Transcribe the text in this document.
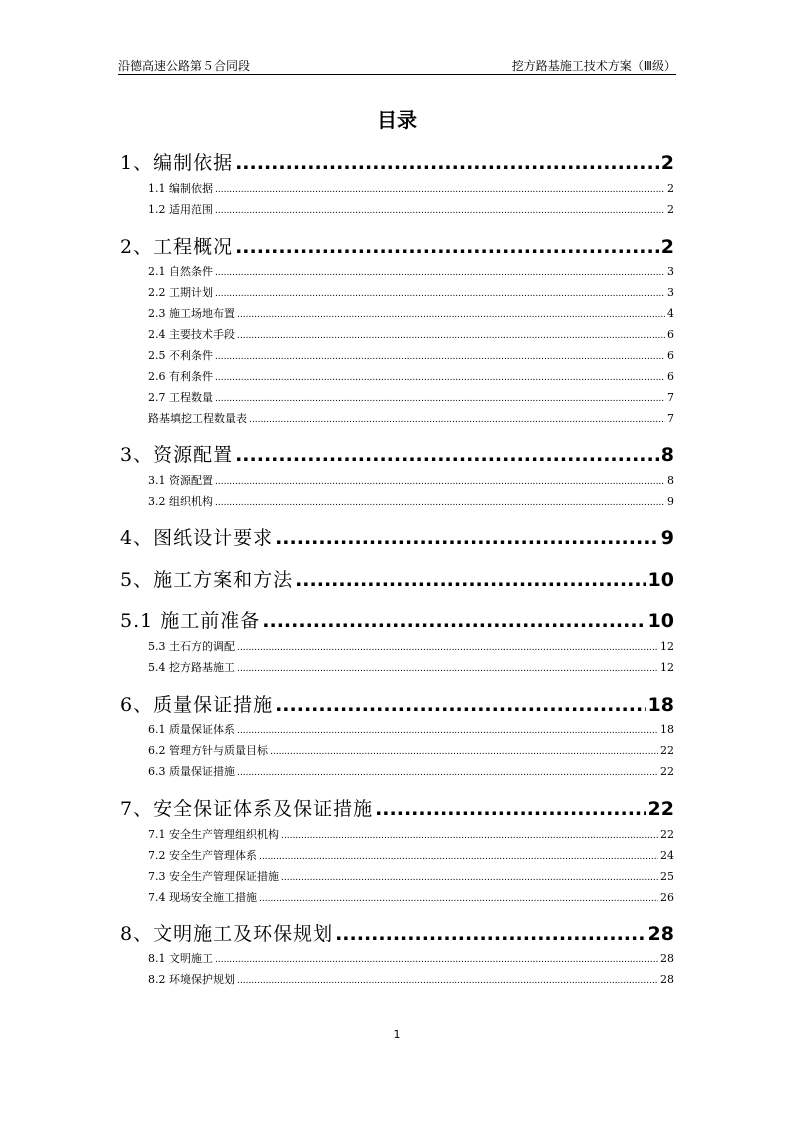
沿德高速公路第５合同段	挖方路基施工技术方案（Ⅲ级）
目录
1、编制依据 .....	2
1.1 编制依据 .....	2
1.2 适用范围 .....	2
2、工程概况 .....	2
2.1 自然条件 .....	3
2.2 工期计划 .....	3
2.3 施工场地布置 .....	4
2.4 主要技术手段 .....	6
2.5 不利条件 .....	6
2.6 有利条件 .....	6
2.7 工程数量 .....	7
路基填挖工程数量表 .....	7
3、资源配置 .....	8
3.1 资源配置 .....	8
3.2 组织机构 .....	9
4、图纸设计要求 .....	9
5、施工方案和方法 .....	10
5.1 施工前准备 .....	10
5.3 土石方的调配 .....	12
5.4 挖方路基施工 .....	12
6、质量保证措施 .....	18
6.1 质量保证体系 .....	18
6.2 管理方针与质量目标 .....	22
6.3 质量保证措施 .....	22
7、安全保证体系及保证措施 .....	22
7.1 安全生产管理组织机构 .....	22
7.2 安全生产管理体系 .....	24
7.3 安全生产管理保证措施 .....	25
7.4 现场安全施工措施 .....	26
8、文明施工及环保规划 .....	28
8.1 文明施工 .....	28
8.2 环境保护规划 .....	28
1
